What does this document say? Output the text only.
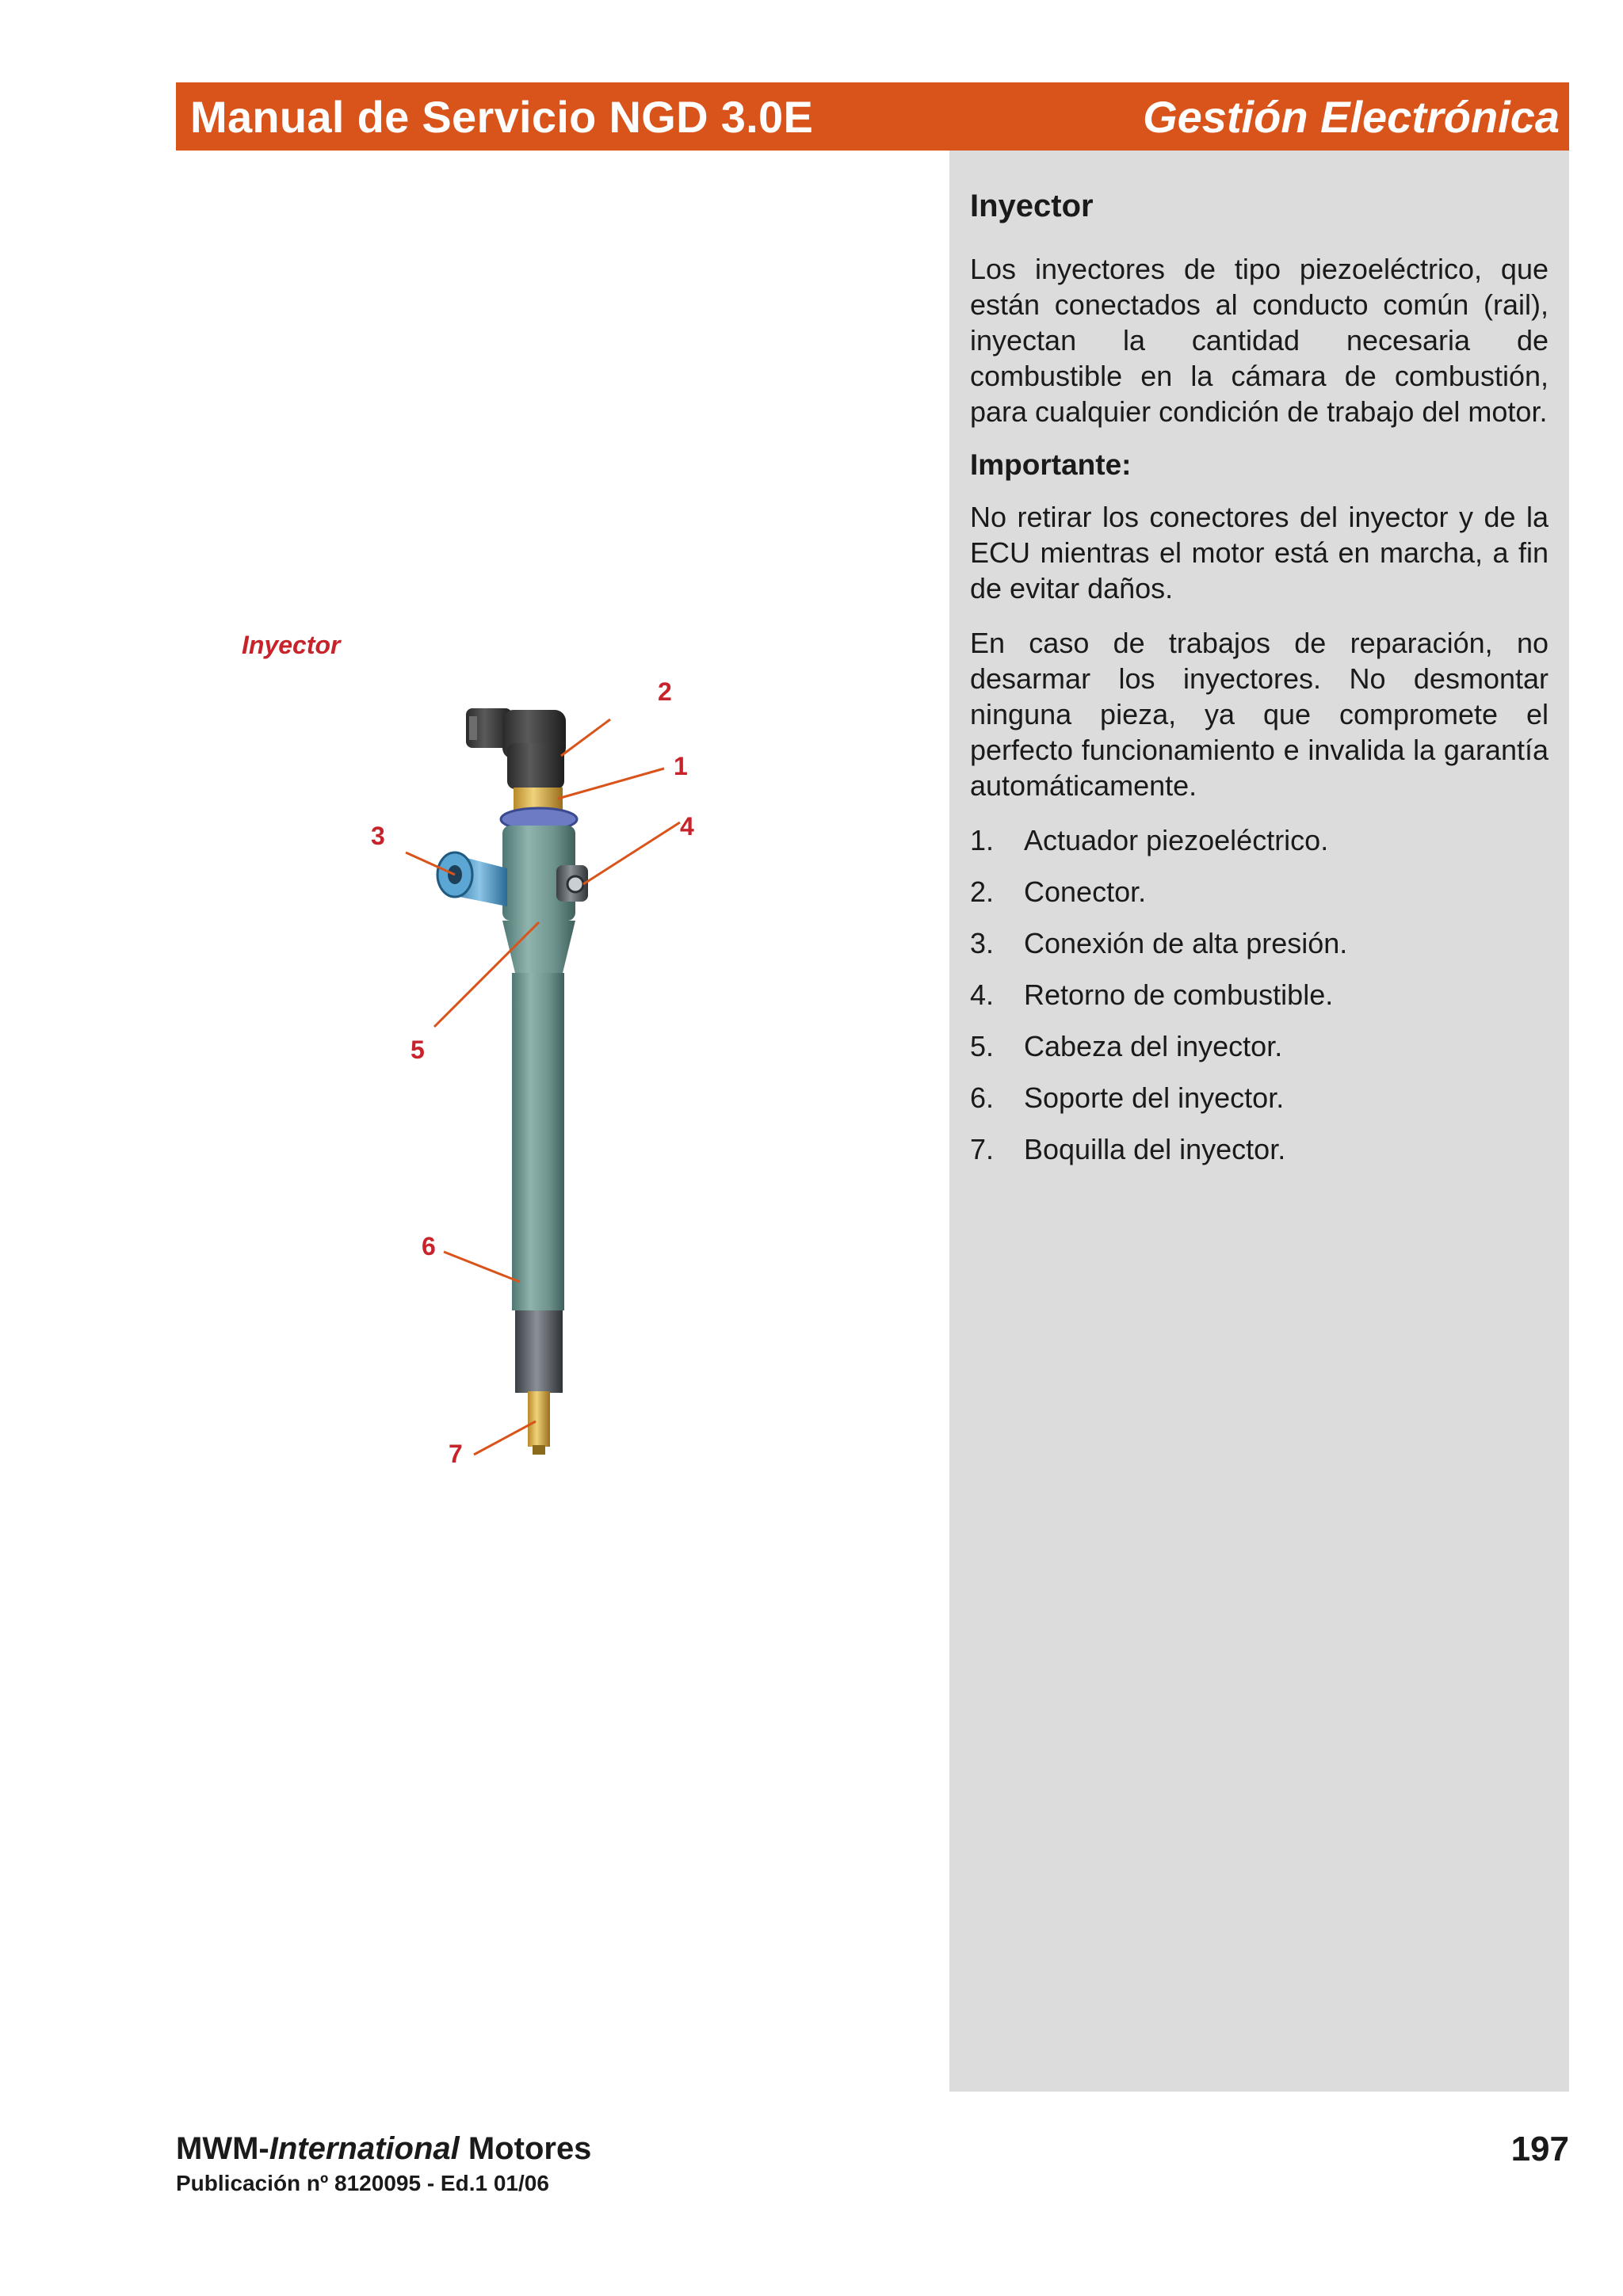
Manual de Servicio NGD 3.0E	Gestión Electrónica
Inyector
2
1
3	4
5
6
7
Inyector

Los inyectores de tipo piezoeléctrico, que están conectados al conducto común (rail), inyectan la cantidad necesaria de combustible en la cámara de combustión, para cualquier condición de trabajo del motor.

Importante:

No retirar los conectores del inyector y de la ECU mientras el motor está en marcha, a fin de evitar daños.

En caso de trabajos de reparación, no desarmar los inyectores. No desmontar ninguna pieza, ya que compromete el perfecto funcionamiento e invalida la garantía automáticamente.

1.	Actuador piezoeléctrico.
2.	Conector.
3.	Conexión de alta presión.
4.	Retorno de combustible.
5.	Cabeza del inyector.
6.	Soporte del inyector.
7.	Boquilla del inyector.
MWM-International Motores
Publicación nº 8120095 - Ed.1 01/06
197
